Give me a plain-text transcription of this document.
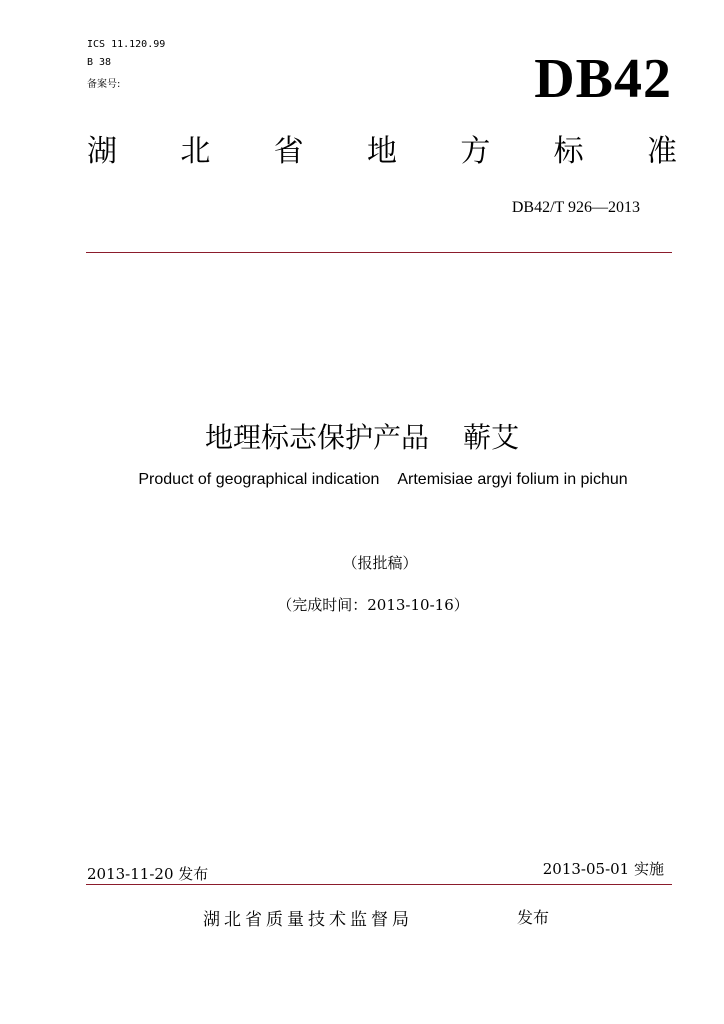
ICS 11.120.99
B 38
备案号:	DB42
湖 北 省 地 方 标 准
DB42/T 926—2013
地理标志保护产品 蕲艾
Product of geographical indication Artemisiae argyi folium in pichun
（报批稿）
（完成时间：2013-10-16）
2013-11-20 发布	2013-05-01 实施
湖北省质量技术监督局	发布
